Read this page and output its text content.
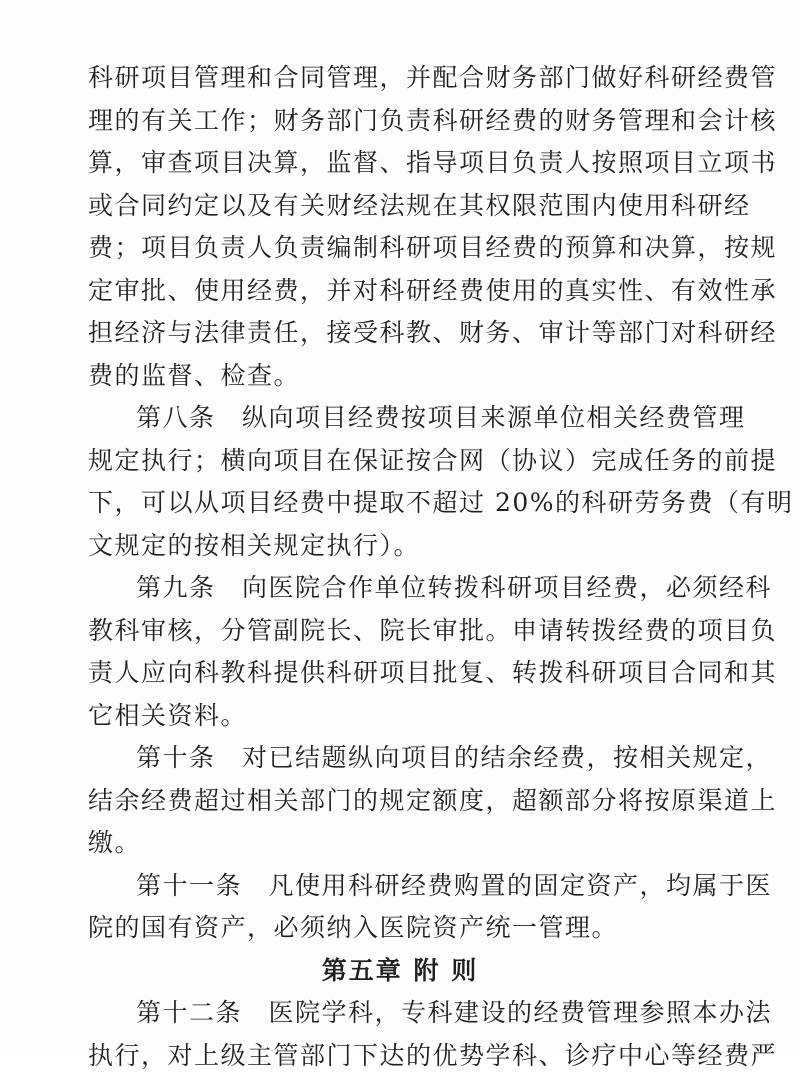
科研项目管理和合同管理，并配合财务部门做好科研经费管
理的有关工作；财务部门负责科研经费的财务管理和会计核
算，审查项目决算，监督、指导项目负责人按照项目立项书
或合同约定以及有关财经法规在其权限范围内使用科研经
费；项目负责人负责编制科研项目经费的预算和决算，按规
定审批、使用经费，并对科研经费使用的真实性、有效性承
担经济与法律责任，接受科教、财务、审计等部门对科研经
费的监督、检查。
第八条　纵向项目经费按项目来源单位相关经费管理
规定执行；横向项目在保证按合网（协议）完成任务的前提
下，可以从项目经费中提取不超过 20%的科研劳务费（有明
文规定的按相关规定执行）。
第九条　向医院合作单位转拨科研项目经费，必须经科
教科审核，分管副院长、院长审批。申请转拨经费的项目负
责人应向科教科提供科研项目批复、转拨科研项目合同和其
它相关资料。
第十条　对已结题纵向项目的结余经费，按相关规定，
结余经费超过相关部门的规定额度，超额部分将按原渠道上
缴。
第十一条　凡使用科研经费购置的固定资产，均属于医
院的国有资产，必须纳入医院资产统一管理。
第五章 附 则
第十二条　医院学科，专科建设的经费管理参照本办法
执行，对上级主管部门下达的优势学科、诊疗中心等经费严
